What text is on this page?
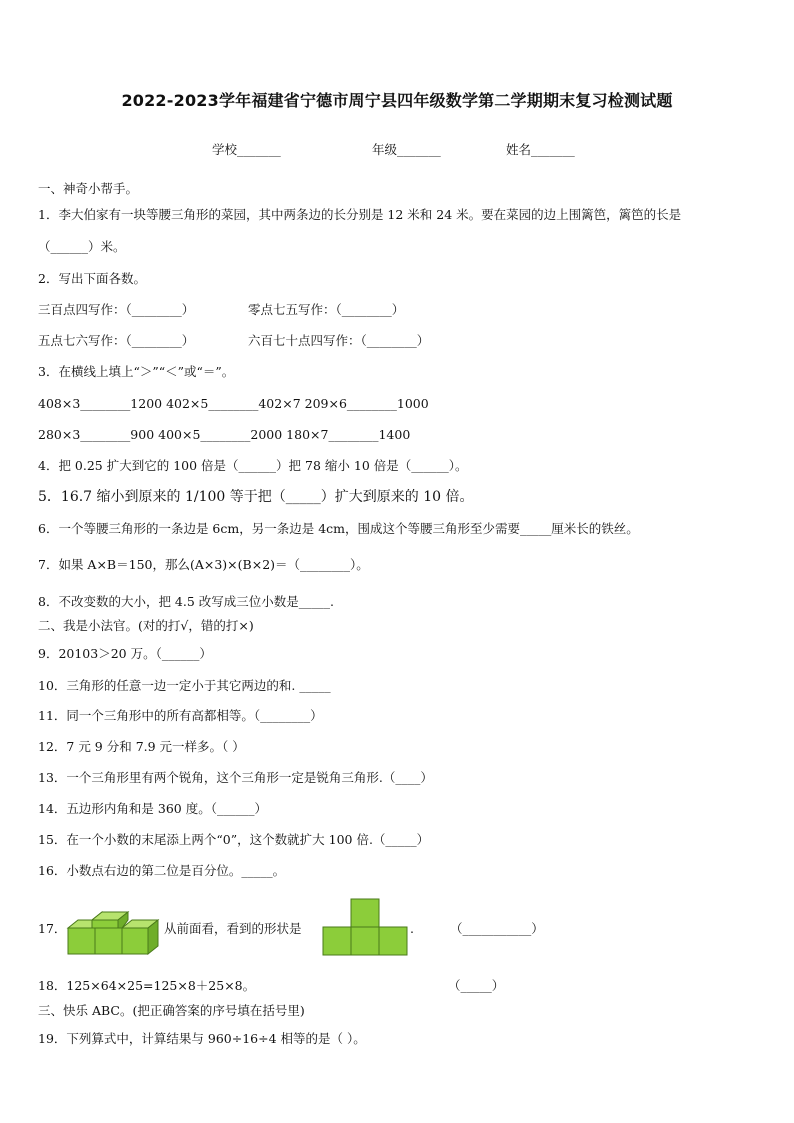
2022-2023学年福建省宁德市周宁县四年级数学第二学期期末复习检测试题
学校_______	年级_______	姓名_______
一、神奇小帮手。
1．李大伯家有一块等腰三角形的菜园，其中两条边的长分别是 12 米和 24 米。要在菜园的边上围篱笆，篱笆的长是
（______）米。
2．写出下面各数。
三百点四写作：（________）	零点七五写作：（________）
五点七六写作：（________）	六百七十点四写作：（________）
3．在横线上填上“＞”“＜”或“＝”。
408×3________1200 402×5________402×7 209×6________1000
280×3________900 400×5________2000 180×7________1400
4．把 0.25 扩大到它的 100 倍是（______）把 78 缩小 10 倍是（______）。
5．16.7 缩小到原来的 1/100 等于把（_____）扩大到原来的 10 倍。
6．一个等腰三角形的一条边是 6cm，另一条边是 4cm，围成这个等腰三角形至少需要_____厘米长的铁丝。
7．如果 A×B＝150，那么(A×3)×(B×2)＝（________）。
8．不改变数的大小，把 4.5 改写成三位小数是_____.
二、我是小法官。(对的打√，错的打×)
9．20103＞20 万。（______）
10．三角形的任意一边一定小于其它两边的和. _____
11．同一个三角形中的所有高都相等。（________）
12．7 元 9 分和 7.9 元一样多。（ ）
13．一个三角形里有两个锐角，这个三角形一定是锐角三角形.（____）
14．五边形内角和是 360 度。（______）
15．在一个小数的末尾添上两个“0”，这个数就扩大 100 倍.（_____）
16．小数点右边的第二位是百分位。_____。
17．	从前面看，看到的形状是	.	（___________）
18．125×64×25=125×8＋25×8。	（_____）
三、快乐 ABC。(把正确答案的序号填在括号里)
19．下列算式中，计算结果与 960÷16÷4 相等的是（ ）。
